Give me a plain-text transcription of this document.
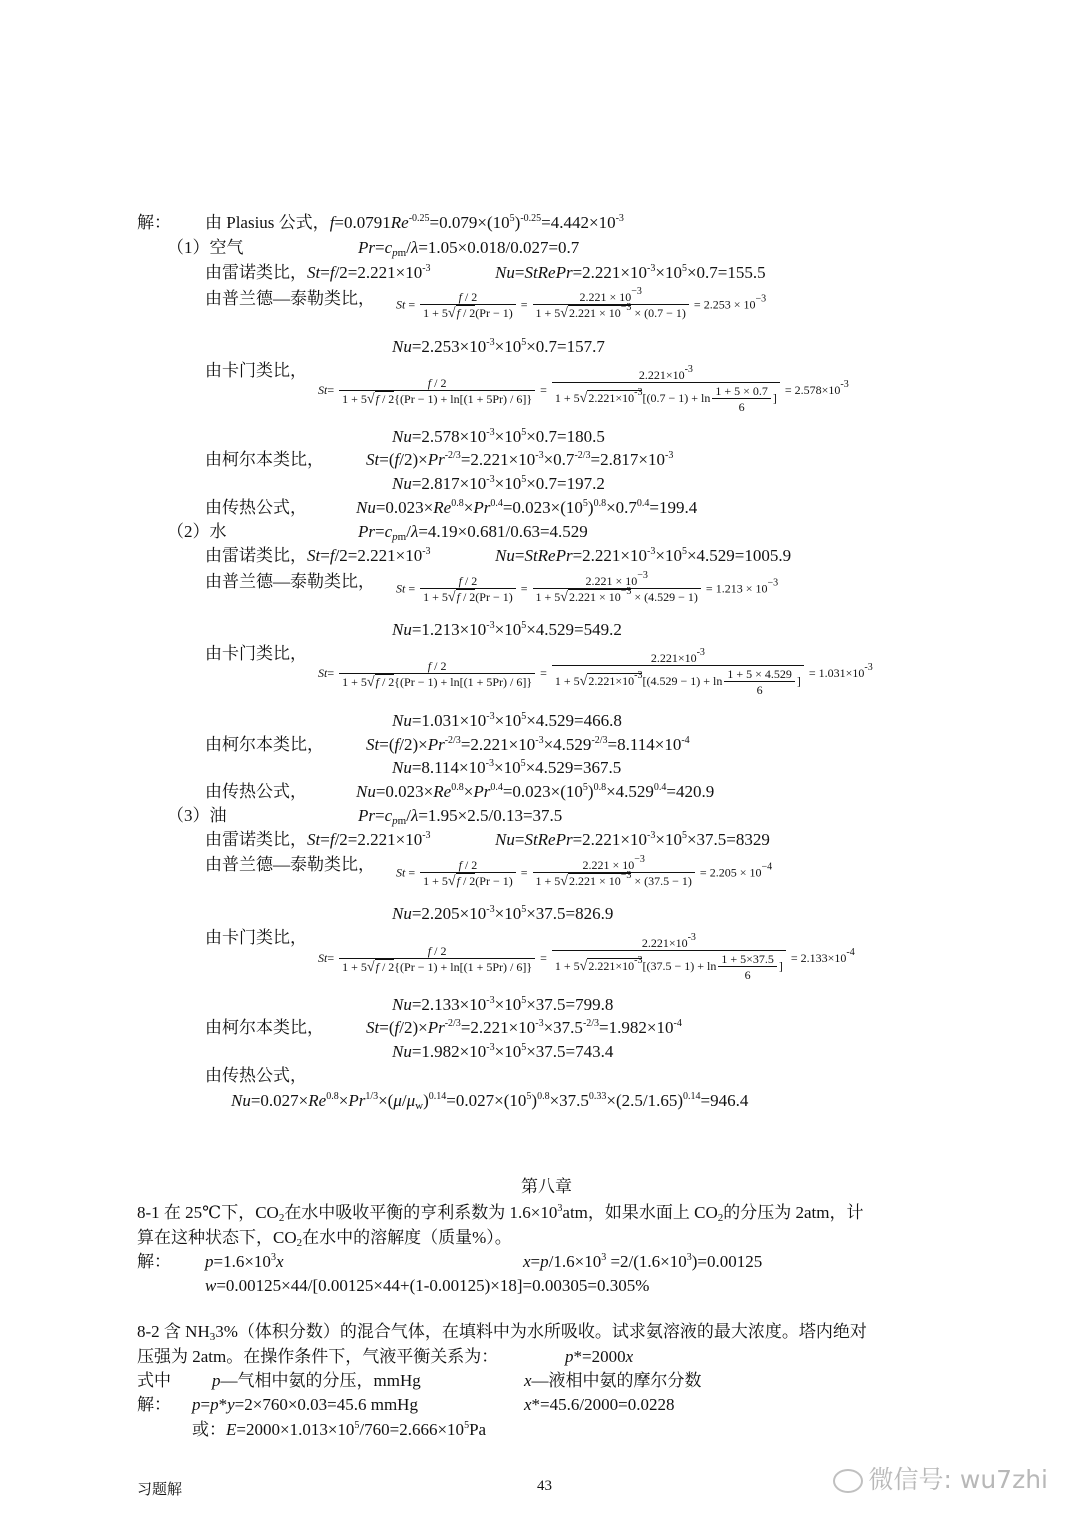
解： 由 Plasius 公式，$f=0.0791Re^{-0.25}=0.079\times(10^5)^{-0.25}=4.442\times 10^{-3}$
（1）空气	$Pr=c_{pm}/\lambda=1.05\times 0.018/0.027=0.7$
由雷诺类比，$St=f/2=2.221\times 10^{-3}$	$Nu=StRePr=2.221\times 10^{-3}\times 10^5\times 0.7=155.5$
由普兰德—泰勒类比， $St = \frac{f / 2}{1 + 5√f / 2(Pr - 1)} = \frac{2.221 \times 10^{-3}}{1 + 5√2.221 \times 10^{-3} \times (0.7 - 1)} = 2.253 \times 10^{-3}$
$Nu=2.253\times 10^{-3}\times 10^5\times 0.7=157.7$
由卡门类比，
$St= \frac{f / 2}{1 + 5√f / 2\{(Pr - 1) + \ln[(1 + 5Pr) / 6]\}} = \frac{2.221\times 10^{-3}}{1 + 5√2.221\times 10^{-3}[(0.7 - 1) + \ln \frac{1 + 5 \times 0.7}{6} ]} = 2.578\times 10^{-3}$
$Nu=2.578\times 10^{-3}\times 10^5\times 0.7=180.5$
由柯尔本类比， $St=(f/2)\times Pr^{-2/3}=2.221\times 10^{-3}\times 0.7^{-2/3}=2.817\times 10^{-3}$
$Nu=2.817\times 10^{-3}\times 10^5\times 0.7=197.2$
由传热公式，	$Nu=0.023\times Re^{0.8}\times Pr^{0.4}=0.023\times(10^5)^{0.8}\times 0.7^{0.4}=199.4$
（2）水	$Pr=c_{pm}/\lambda=4.19\times 0.681/0.63=4.529$
由雷诺类比，$St=f/2=2.221\times 10^{-3}$	$Nu=StRePr=2.221\times 10^{-3}\times 10^5\times 4.529=1005.9$
由普兰德—泰勒类比， $St = \frac{f / 2}{1 + 5√f / 2(Pr - 1)} = \frac{2.221 \times 10^{-3}}{1 + 5√2.221 \times 10^{-3} \times (4.529 - 1)} = 1.213 \times 10^{-3}$
$Nu=1.213\times 10^{-3}\times 10^5\times 4.529=549.2$
由卡门类比，
$St= \frac{f / 2}{1 + 5√f / 2\{(Pr - 1) + \ln[(1 + 5Pr) / 6]\}} = \frac{2.221\times 10^{-3}}{1 + 5√2.221\times 10^{-3}[(4.529 - 1) + \ln \frac{1 + 5 \times 4.529}{6} ]} = 1.031\times 10^{-3}$
$Nu=1.031\times 10^{-3}\times 10^5\times 4.529=466.8$
由柯尔本类比， $St=(f/2)\times Pr^{-2/3}=2.221\times 10^{-3}\times 4.529^{-2/3}=8.114\times 10^{-4}$
$Nu=8.114\times 10^{-3}\times 10^5\times 4.529=367.5$
由传热公式，	$Nu=0.023\times Re^{0.8}\times Pr^{0.4}=0.023\times(10^5)^{0.8}\times 4.529^{0.4}=420.9$
（3）油	$Pr=c_{pm}/\lambda=1.95\times 2.5/0.13=37.5$
由雷诺类比，$St=f/2=2.221\times 10^{-3}$	$Nu=StRePr=2.221\times 10^{-3}\times 10^5\times 37.5=8329$
由普兰德—泰勒类比， $St = \frac{f / 2}{1 + 5√f / 2(Pr - 1)} = \frac{2.221 \times 10^{-3}}{1 + 5√2.221 \times 10^{-3} \times (37.5 - 1)} = 2.205 \times 10^{-4}$
$Nu=2.205\times 10^{-3}\times 10^5\times 37.5=826.9$
由卡门类比，
$St= \frac{f / 2}{1 + 5√f / 2\{(Pr - 1) + \ln[(1 + 5Pr) / 6]\}} = \frac{2.221\times 10^{-3}}{1 + 5√2.221\times 10^{-3}[(37.5 - 1) + \ln \frac{1 + 5\times 37.5}{6} ]} = 2.133\times 10^{-4}$
$Nu=2.133\times 10^{-3}\times 10^5\times 37.5=799.8$
由柯尔本类比， $St=(f/2)\times Pr^{-2/3}=2.221\times 10^{-3}\times 37.5^{-2/3}=1.982\times 10^{-4}$
$Nu=1.982\times 10^{-3}\times 10^5\times 37.5=743.4$
由传热公式，
$Nu=0.027\times Re^{0.8}\times Pr^{1/3}\times(\mu/\mu_w)^{0.14}=0.027\times(10^5)^{0.8}\times 37.5^{0.33}\times(2.5/1.65)^{0.14}=946.4$
第八章
8-1 在 25℃下，$CO_2$在水中吸收平衡的亨利系数为 $1.6\times 10^3atm$，如果水面上 $CO_2$的分压为 2atm，计
算在这种状态下，$CO_2$在水中的溶解度（质量%）。
解： $p=1.6\times 10^3x$	$x=p/1.6\times 10^3 =2/(1.6\times 10^3)=0.00125$
w=0.00125×44/[0.00125×44+(1-0.00125)×18]=0.00305=0.305%
8-2 含 $NH_33\%$（体积分数）的混合气体，在填料中为水所吸收。试求氨溶液的最大浓度。塔内绝对
压强为 2atm。在操作条件下，气液平衡关系为：	p*=2000x
式中 p—气相中氨的分压，mmHg	x—液相中氨的摩尔分数
解： p=p*y=2×760×0.03=45.6 mmHg	x*=45.6/2000=0.0228
或：$E=2000\times 1.013\times 10^5/760=2.666\times 10^5Pa$
习题解	43	微信号: wu7zhi
